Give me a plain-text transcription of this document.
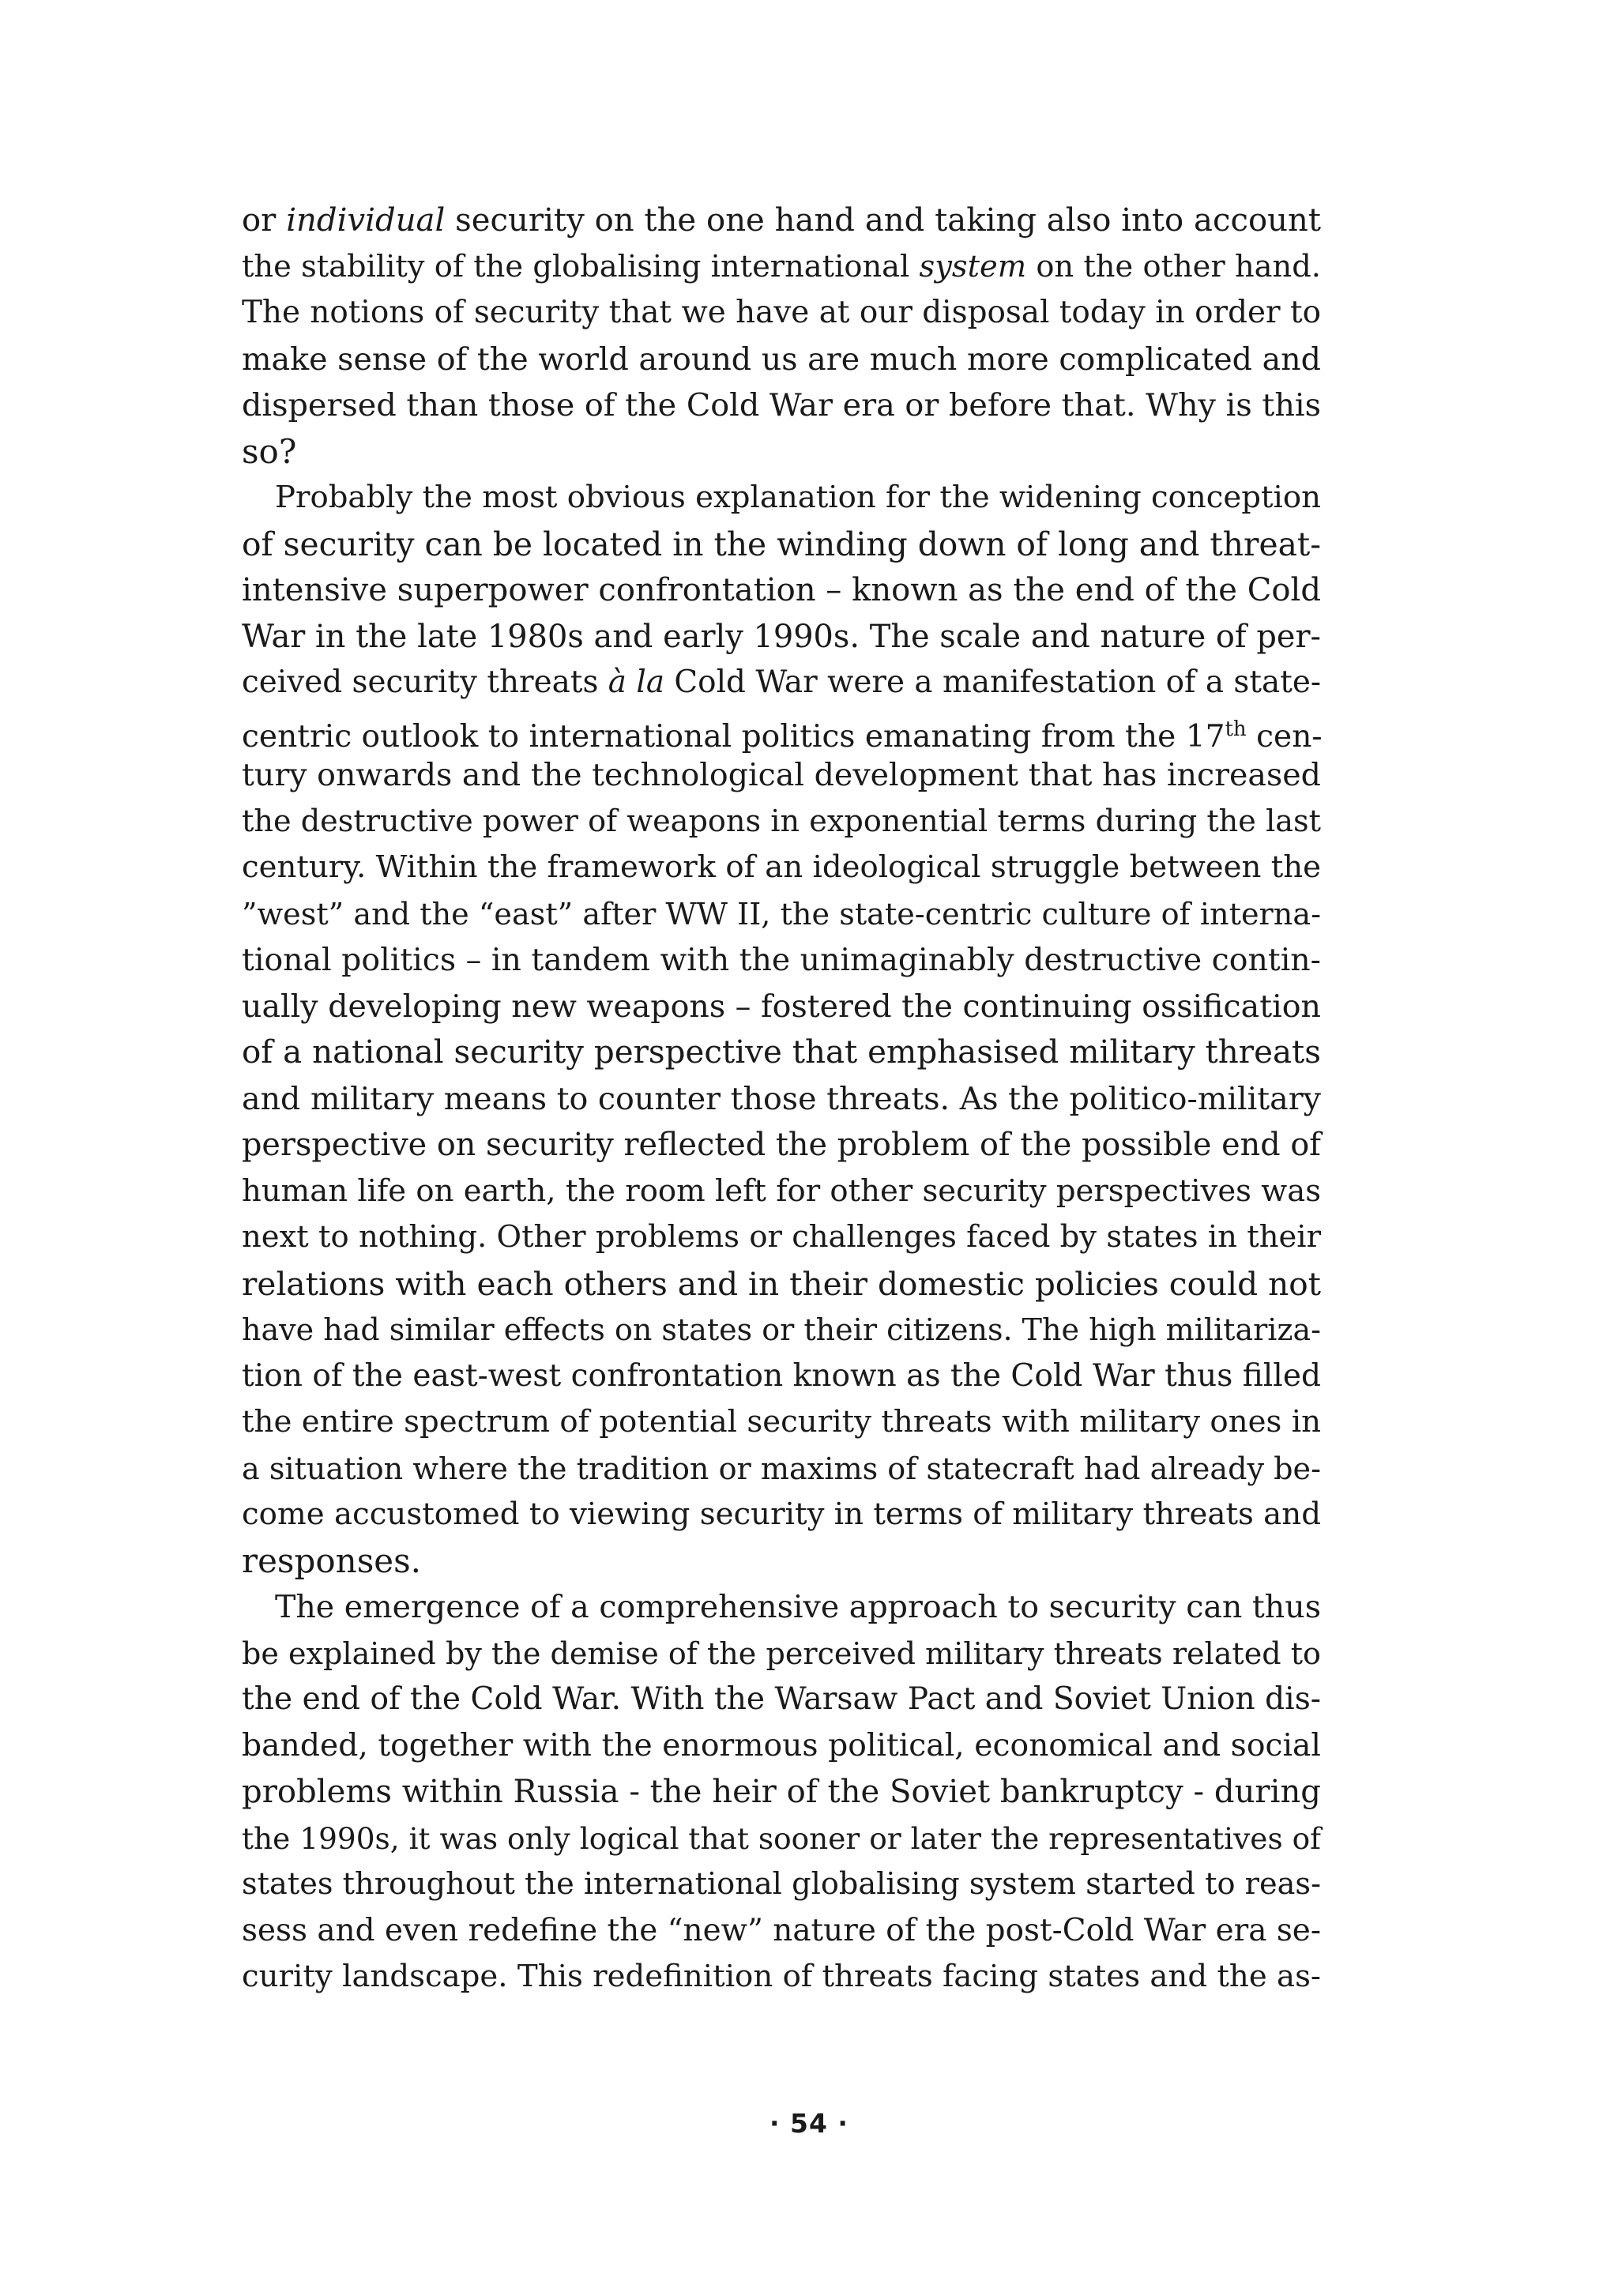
or individual security on the one hand and taking also into account
the stability of the globalising international system on the other hand.
The notions of security that we have at our disposal today in order to
make sense of the world around us are much more complicated and
dispersed than those of the Cold War era or before that. Why is this
so?
Probably the most obvious explanation for the widening conception
of security can be located in the winding down of long and threat-
intensive superpower confrontation – known as the end of the Cold
War in the late 1980s and early 1990s. The scale and nature of per-
ceived security threats à la Cold War were a manifestation of a state-
centric outlook to international politics emanating from the 17th cen-
tury onwards and the technological development that has increased
the destructive power of weapons in exponential terms during the last
century. Within the framework of an ideological struggle between the
”west” and the “east” after WW II, the state-centric culture of interna-
tional politics – in tandem with the unimaginably destructive contin-
ually developing new weapons – fostered the continuing ossification
of a national security perspective that emphasised military threats
and military means to counter those threats. As the politico-military
perspective on security reflected the problem of the possible end of
human life on earth, the room left for other security perspectives was
next to nothing. Other problems or challenges faced by states in their
relations with each others and in their domestic policies could not
have had similar effects on states or their citizens. The high militariza-
tion of the east-west confrontation known as the Cold War thus filled
the entire spectrum of potential security threats with military ones in
a situation where the tradition or maxims of statecraft had already be-
come accustomed to viewing security in terms of military threats and
responses.
The emergence of a comprehensive approach to security can thus
be explained by the demise of the perceived military threats related to
the end of the Cold War. With the Warsaw Pact and Soviet Union dis-
banded, together with the enormous political, economical and social
problems within Russia - the heir of the Soviet bankruptcy - during
the 1990s, it was only logical that sooner or later the representatives of
states throughout the international globalising system started to reas-
sess and even redefine the “new” nature of the post-Cold War era se-
curity landscape. This redefinition of threats facing states and the as-
· 54 ·
